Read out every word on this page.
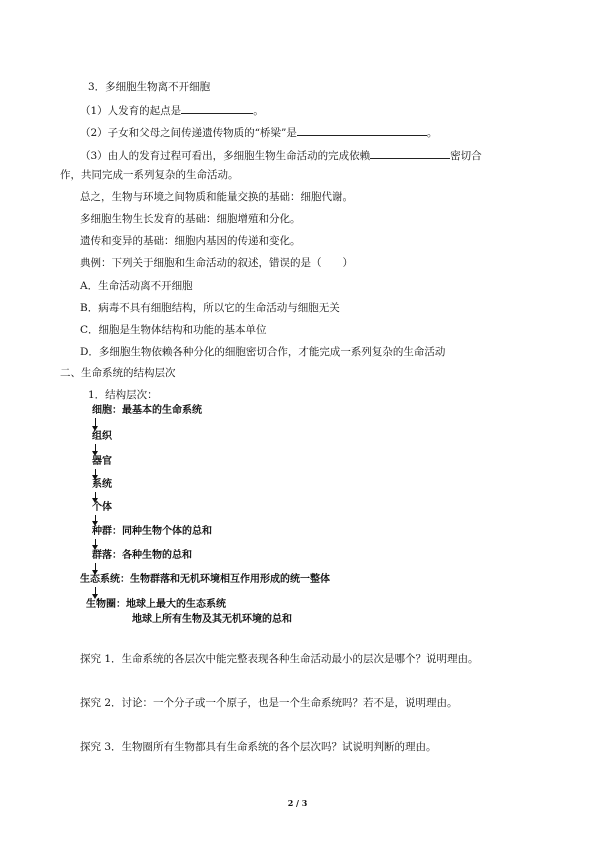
3．多细胞生物离不开细胞
（1）人发育的起点是	。
（2）子女和父母之间传递遗传物质的“桥梁”是	。
（3）由人的发育过程可看出，多细胞生物生命活动的完成依赖	密切合
作，共同完成一系列复杂的生命活动。
总之，生物与环境之间物质和能量交换的基础：细胞代谢。
多细胞生物生长发育的基础：细胞增殖和分化。
遗传和变异的基础：细胞内基因的传递和变化。
典例：下列关于细胞和生命活动的叙述，错误的是（　　）
A．生命活动离不开细胞
B．病毒不具有细胞结构，所以它的生命活动与细胞无关
C．细胞是生物体结构和功能的基本单位
D．多细胞生物依赖各种分化的细胞密切合作，才能完成一系列复杂的生命活动
二、生命系统的结构层次
1．结构层次：
细胞：最基本的生命系统
组织
器官
系统
个体
种群：同种生物个体的总和
群落：各种生物的总和
生态系统：生物群落和无机环境相互作用形成的统一整体
生物圈：地球上最大的生态系统
地球上所有生物及其无机环境的总和
探究 1．生命系统的各层次中能完整表现各种生命活动最小的层次是哪个？说明理由。
探究 2．讨论：一个分子或一个原子，也是一个生命系统吗？若不是，说明理由。
探究 3．生物圈所有生物都具有生命系统的各个层次吗？试说明判断的理由。
2 / 3
